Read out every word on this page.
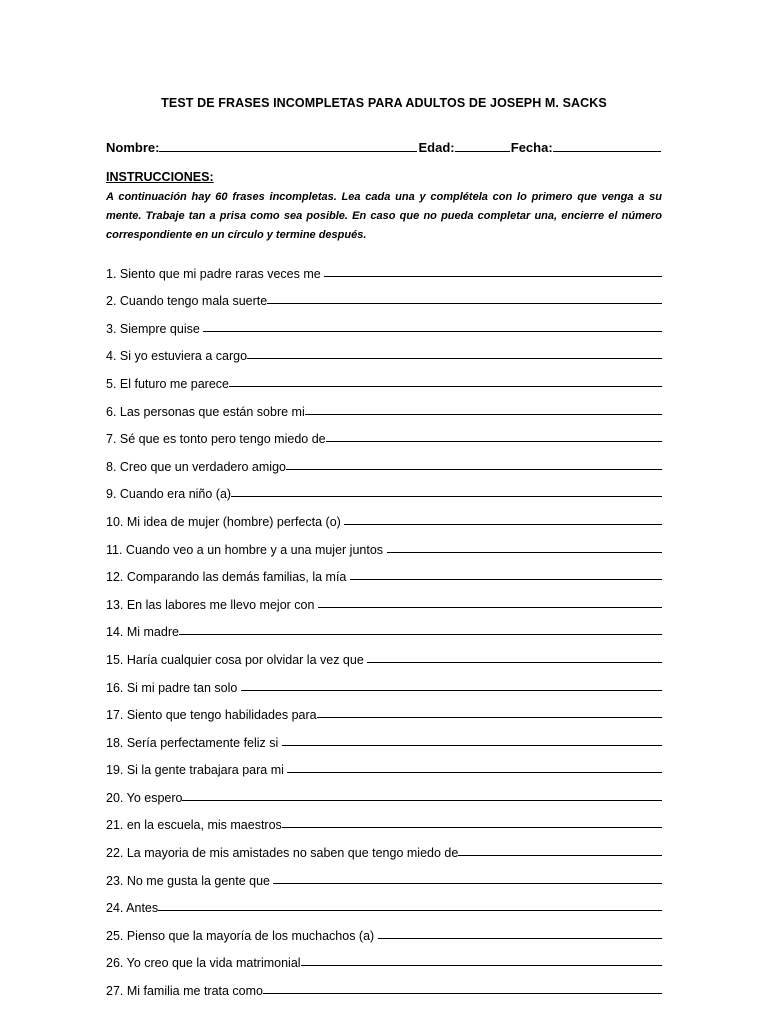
TEST DE FRASES INCOMPLETAS PARA ADULTOS DE JOSEPH M. SACKS
Nombre:	Edad:	Fecha:
INSTRUCCIONES:

A continuación hay 60 frases incompletas. Lea cada una y complétela con lo primero que venga a su mente. Trabaje tan a prisa como sea posible. En caso que no pueda completar una, encierre el número correspondiente en un círculo y termine después.

1. Siento que mi padre raras veces me
2. Cuando tengo mala suerte
3. Siempre quise
4. Si yo estuviera a cargo
5. El futuro me parece
6. Las personas que están sobre mi
7. Sé que es tonto pero tengo miedo de
8. Creo que un verdadero amigo
9. Cuando era niño (a)
10. Mi idea de mujer (hombre) perfecta (o)
11. Cuando veo a un hombre y a una mujer juntos
12. Comparando las demás familias, la mía
13. En las labores me llevo mejor con
14. Mi madre
15. Haría cualquier cosa por olvidar la vez que
16. Si mi padre tan solo
17. Siento que tengo habilidades para
18. Sería perfectamente feliz si
19. Si la gente trabajara para mi
20. Yo espero
21. en la escuela, mis maestros
22. La mayoria de mis amistades no saben que tengo miedo de
23. No me gusta la gente que
24. Antes
25. Pienso que la mayoría de los muchachos (a)
26. Yo creo que la vida matrimonial
27. Mi familia me trata como
